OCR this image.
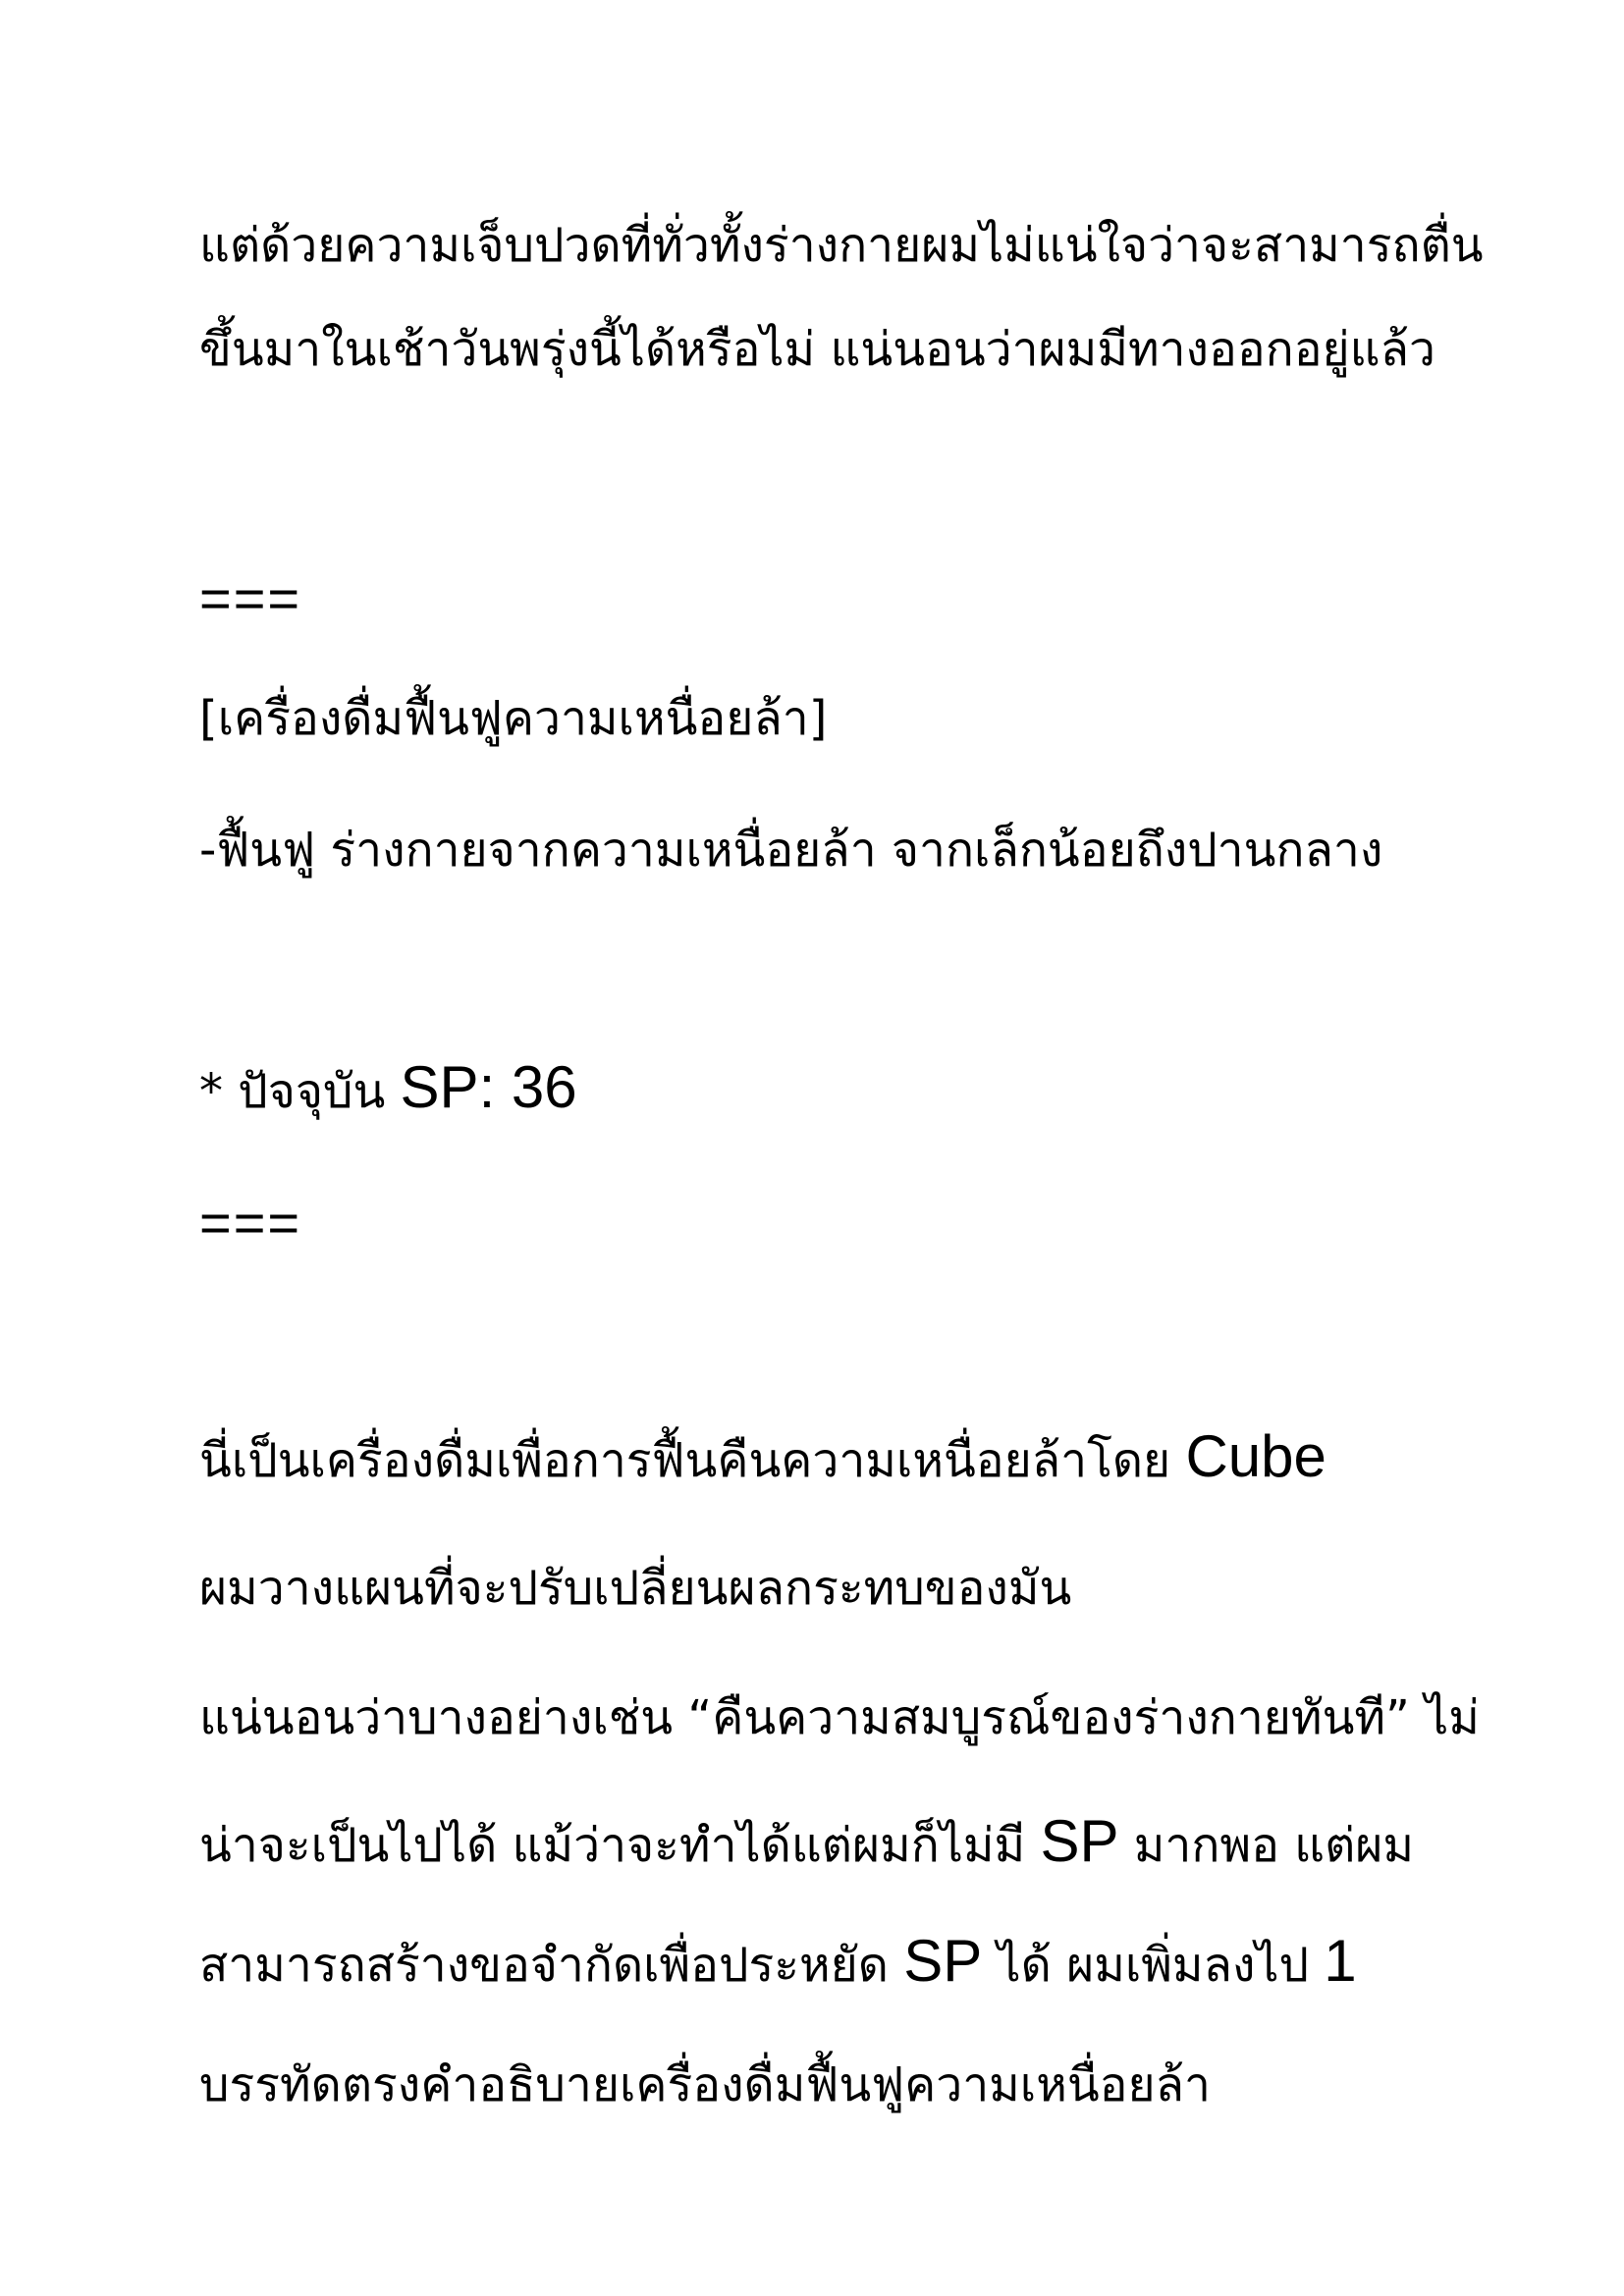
แต่ด้วยความเจ็บปวดที่ทั่วทั้งร่างกายผมไม่แน่ใจว่าจะสามารถตื่น
ขึ้นมาในเช้าวันพรุ่งนี้ได้หรือไม่ แน่นอนว่าผมมีทางออกอยู่แล้ว
===
[เครื่องดื่มฟื้นฟูความเหนื่อยล้า]
-ฟื้นฟู ร่างกายจากความเหนื่อยล้า จากเล็กน้อยถึงปานกลาง
* ปัจจุบัน SP: 36
===
นี่เป็นเครื่องดื่มเพื่อการฟื้นคืนความเหนื่อยล้าโดย Cube
ผมวางแผนที่จะปรับเปลี่ยนผลกระทบของมัน
แน่นอนว่าบางอย่างเช่น “คืนความสมบูรณ์ของร่างกายทันที” ไม่
น่าจะเป็นไปได้ แม้ว่าจะทำได้แต่ผมก็ไม่มี SP มากพอ แต่ผม
สามารถสร้างขอจำกัดเพื่อประหยัด SP ได้ ผมเพิ่มลงไป 1
บรรทัดตรงคำอธิบายเครื่องดื่มฟื้นฟูความเหนื่อยล้า
